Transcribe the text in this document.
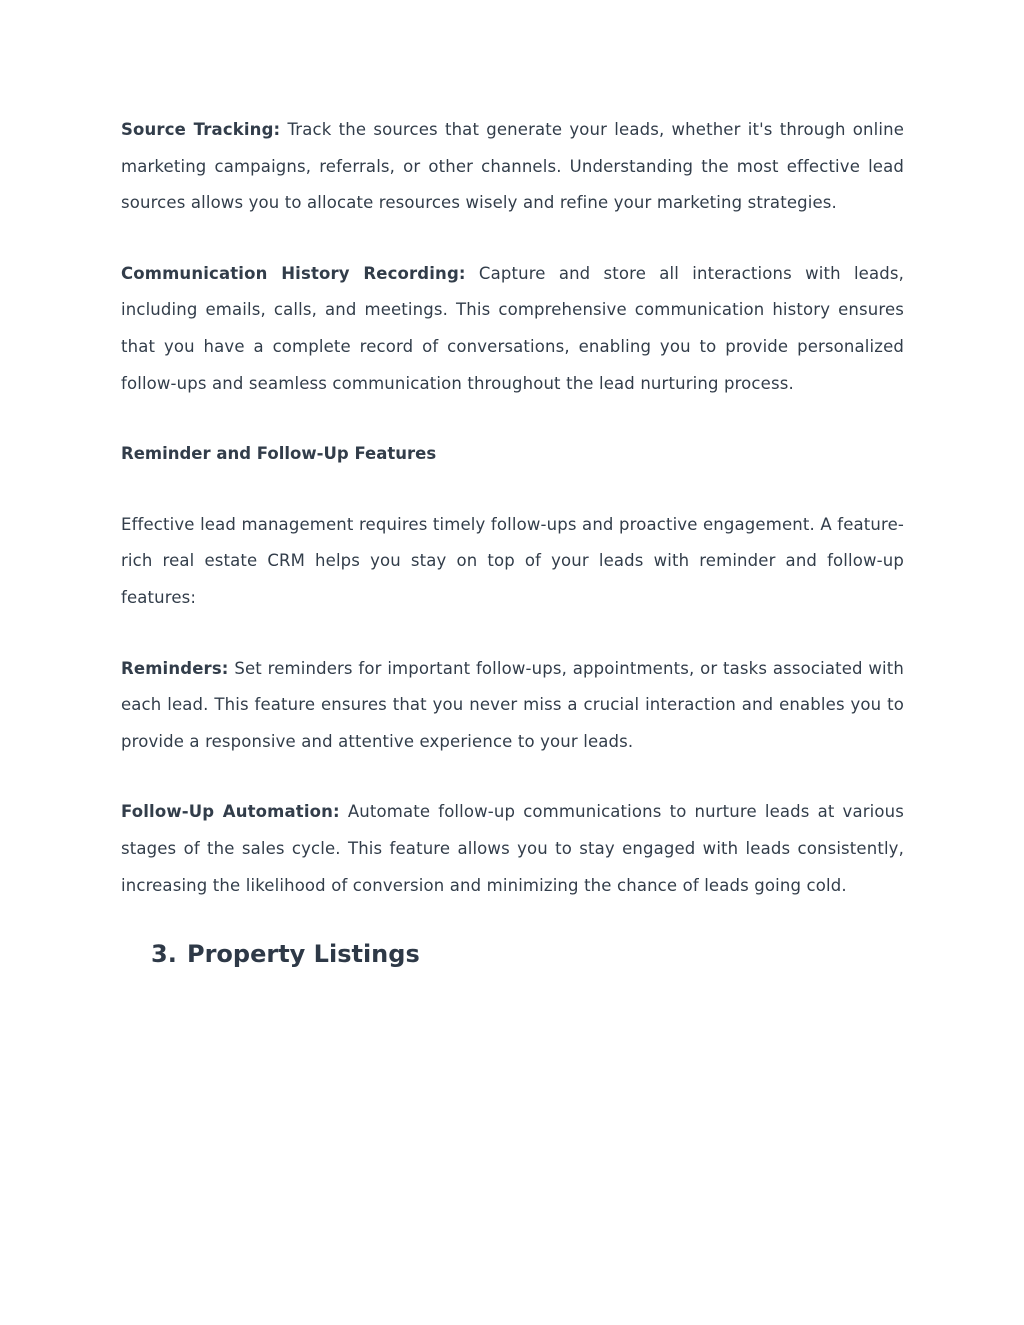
Source Tracking: Track the sources that generate your leads, whether it's through online marketing campaigns, referrals, or other channels. Understanding the most effective lead sources allows you to allocate resources wisely and refine your marketing strategies.

Communication History Recording: Capture and store all interactions with leads, including emails, calls, and meetings. This comprehensive communication history ensures that you have a complete record of conversations, enabling you to provide personalized follow-ups and seamless communication throughout the lead nurturing process.

Reminder and Follow-Up Features

Effective lead management requires timely follow-ups and proactive engagement. A feature-rich real estate CRM helps you stay on top of your leads with reminder and follow-up features:

Reminders: Set reminders for important follow-ups, appointments, or tasks associated with each lead. This feature ensures that you never miss a crucial interaction and enables you to provide a responsive and attentive experience to your leads.

Follow-Up Automation: Automate follow-up communications to nurture leads at various stages of the sales cycle. This feature allows you to stay engaged with leads consistently, increasing the likelihood of conversion and minimizing the chance of leads going cold.

3. Property Listings
